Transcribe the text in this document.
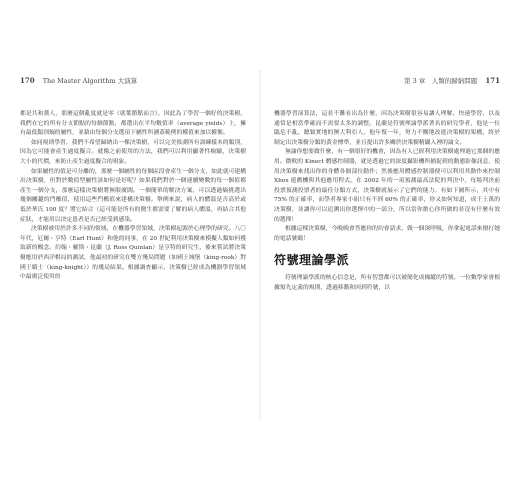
170 The Master Algorithm 大演算

都是共和黨人，那麼這個亂度就是零（就葉節點而言），因此為了學習一個好的決策樹，我們在它的所有分支節點的每個節點，都選出在平均數值率（average yields）上，擁有最低類別熵的屬性，並藉由每個分支選項下屬性所涵蓋範例的權值來加以權衡。

如同規則學習，我們不希望歸納出一棵決策樹，可以完美推測所有訓練樣本的類別，因為它可能會產生過度擬合。就像之前使用的方法，我們可以利用顯著性檢驗，決策樹大小的代價，來防止產生過度擬合的現象。

如果屬性的值是可分離的，那麼一個屬性的每個區段會產生一個分支，如此就可建構出決策樹，但對於數值型屬性該如何是好呢？如果我們對於一個連續變數的每一個值都產生一個分支，那麼這樣決策樹將無限廣闊。一個簡單的解決方案，可以透過熵挑選出幾個關鍵的門檻值，使用這些門檻值來建構決策樹。舉例來說，病人的體溫是否高於或低於華氏 100 度？將它結合（這可能是所有的醫生都需要了解的病人體溫，再結合其他症狀，才能用以決定患者是否已經受到感染。

決策樹被用於許多不同的領域，在機器學習領域，決策樹起源於心理學的研究。八〇年代，厄爾・亨特（Earl Hunt）和他的同事，在 20 世紀利用決策樹來模擬人類如何獲取新的概念。約翰・羅斯・昆蘭（J. Ross Quinlan）是亨特的研究生，後來嘗試將決策樹應用於西洋棋局的測試，他最初的研究在雙方殘局問題（如國王城堡（king-rook）對國王騎士（king-knight））的幾局結果。根據調查顯示，決策樹已經成為機器學習領域中最廣泛使用的

第 3 章　人類的歸納問題 171

機器學習演算法，這並不難看出為什麼，因為決策樹很容易讓人理解、快速學習，以及通常是相當準確而不需要太多的調整。昆蘭是符號理論學派著名的研究學者，他是一位臨危不亂、聰穎實地的澳大利亞人，他年復一年，努力不懈地改進決策樹的架構，終於制定出決策樹分類的黃金標準，並且提出許多關於決策樹精闢入裡的論文。

無論你想要做什麼，有一個很好的機會，因為有人已經利用決策樹處理過它那個的應用。微軟的 Kinect 體感控制器，就是透過它的深度攝影機所捕捉到的動態影像訊息，使用決策樹來找出你的身體各個部位動作；然後應用體感控制器便可以利用其動作來控制 Xbox 遊戲機與其他應用程式。在 2002 年的一項預測最高法院的判決中，每場判決前投票預測投票者的最佳分類方式，決策樹就展示了它們的能力。有如下圖所示，其中有 75% 的正確率，而學者專家小組只有不到 60% 的正確率，你又如何知道，成千上萬的決策樹，並讓你可以追溯出你選擇中的一部分，所以當你擔心你所做的並沒有什麼有效的選擇！

根據這棵決策樹，今晚晚會答應你的約會請求。做一個深呼吸，你拿起電話來撥打她的電話號碼！

符號理論學派

符號理論學派的核心信念是，所有智慧都可以被簡化成操縱的符號。一位數學家會根據預先定義的規則，透過移動和回到符號，以
